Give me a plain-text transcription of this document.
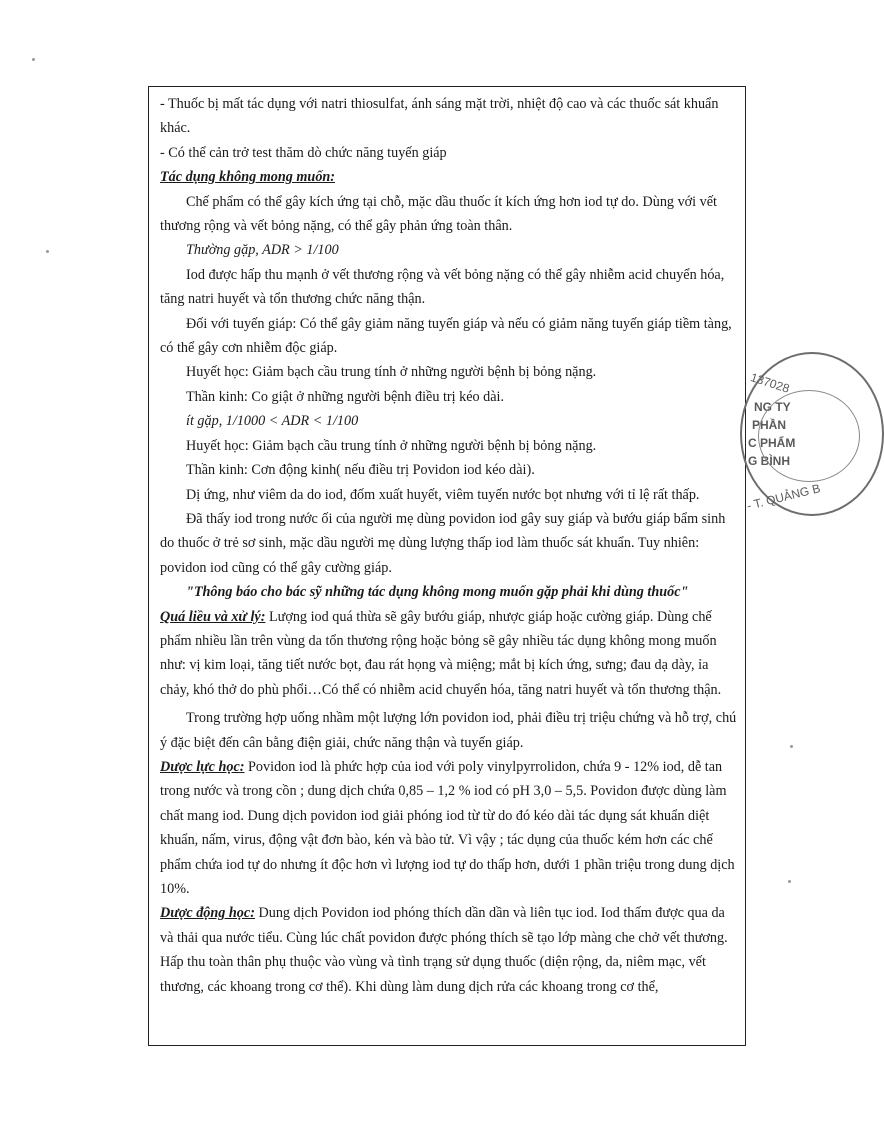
- Thuốc bị mất tác dụng với natri thiosulfat, ánh sáng mặt trời, nhiệt độ cao và các thuốc sát khuẩn khác.

- Có thể cản trở test thăm dò chức năng tuyến giáp

Tác dụng không mong muốn:

Chế phẩm có thể gây kích ứng tại chỗ, mặc dầu thuốc ít kích ứng hơn iod tự do. Dùng với vết thương rộng và vết bỏng nặng, có thể gây phản ứng toàn thân.

Thường gặp, ADR > 1/100

Iod được hấp thu mạnh ở vết thương rộng và vết bỏng nặng có thể gây nhiễm acid chuyển hóa, tăng natri huyết và tổn thương chức năng thận.

Đối với tuyến giáp: Có thể gây giảm năng tuyến giáp và nếu có giảm năng tuyến giáp tiềm tàng, có thể gây cơn nhiễm độc giáp.

Huyết học: Giảm bạch cầu trung tính ở những người bệnh bị bỏng nặng.

Thần kinh: Co giật ở những người bệnh điều trị kéo dài.

ít gặp, 1/1000 < ADR < 1/100

Huyết học: Giảm bạch cầu trung tính ở những người bệnh bị bỏng nặng.

Thần kinh: Cơn động kinh( nếu điều trị Povidon iod kéo dài).

Dị ứng, như viêm da do iod, đốm xuất huyết, viêm tuyến nước bọt nhưng với tỉ lệ rất thấp.

Đã thấy iod trong nước ối của người mẹ dùng povidon iod gây suy giáp và bướu giáp bẩm sinh do thuốc ở trẻ sơ sinh, mặc dầu người mẹ dùng lượng thấp iod làm thuốc sát khuẩn. Tuy nhiên: povidon iod cũng có thể gây cường giáp.

"Thông báo cho bác sỹ những tác dụng không mong muốn gặp phải khi dùng thuốc"

Quá liều và xử lý: Lượng iod quá thừa sẽ gây bướu giáp, nhược giáp hoặc cường giáp. Dùng chế phẩm nhiều lần trên vùng da tổn thương rộng hoặc bỏng sẽ gây nhiều tác dụng không mong muốn như: vị kim loại, tăng tiết nước bọt, đau rát họng và miệng; mắt bị kích ứng, sưng; đau dạ dày, ỉa chảy, khó thở do phù phổi…Có thể có nhiễm acid chuyển hóa, tăng natri huyết và tổn thương thận.

Trong trường hợp uống nhầm một lượng lớn povidon iod, phải điều trị triệu chứng và hỗ trợ, chú ý đặc biệt đến cân bằng điện giải, chức năng thận và tuyến giáp.

Dược lực học: Povidon iod là phức hợp của iod với poly vinylpyrrolidon, chứa 9 - 12% iod, dễ tan trong nước và trong cồn ; dung dịch chứa 0,85 – 1,2 % iod có pH 3,0 – 5,5. Povidon được dùng làm chất mang iod. Dung dịch povidon iod giải phóng iod từ từ do đó kéo dài tác dụng sát khuẩn diệt khuẩn, nấm, virus, động vật đơn bào, kén và bào tử. Vì vậy ; tác dụng của thuốc kém hơn các chế phẩm chứa iod tự do nhưng ít độc hơn vì lượng iod tự do thấp hơn, dưới 1 phần triệu trong dung dịch 10%.

Dược động học: Dung dịch Povidon iod phóng thích dần dần và liên tục iod. Iod thấm được qua da và thải qua nước tiểu. Cùng lúc chất povidon được phóng thích sẽ tạo lớp màng che chở vết thương. Hấp thu toàn thân phụ thuộc vào vùng và tình trạng sử dụng thuốc (diện rộng, da, niêm mạc, vết thương, các khoang trong cơ thể). Khi dùng làm dung dịch rửa các khoang trong cơ thể,

137028
NG TY
PHẦN
C PHẨM
G BÌNH
- T. QUẢNG B
